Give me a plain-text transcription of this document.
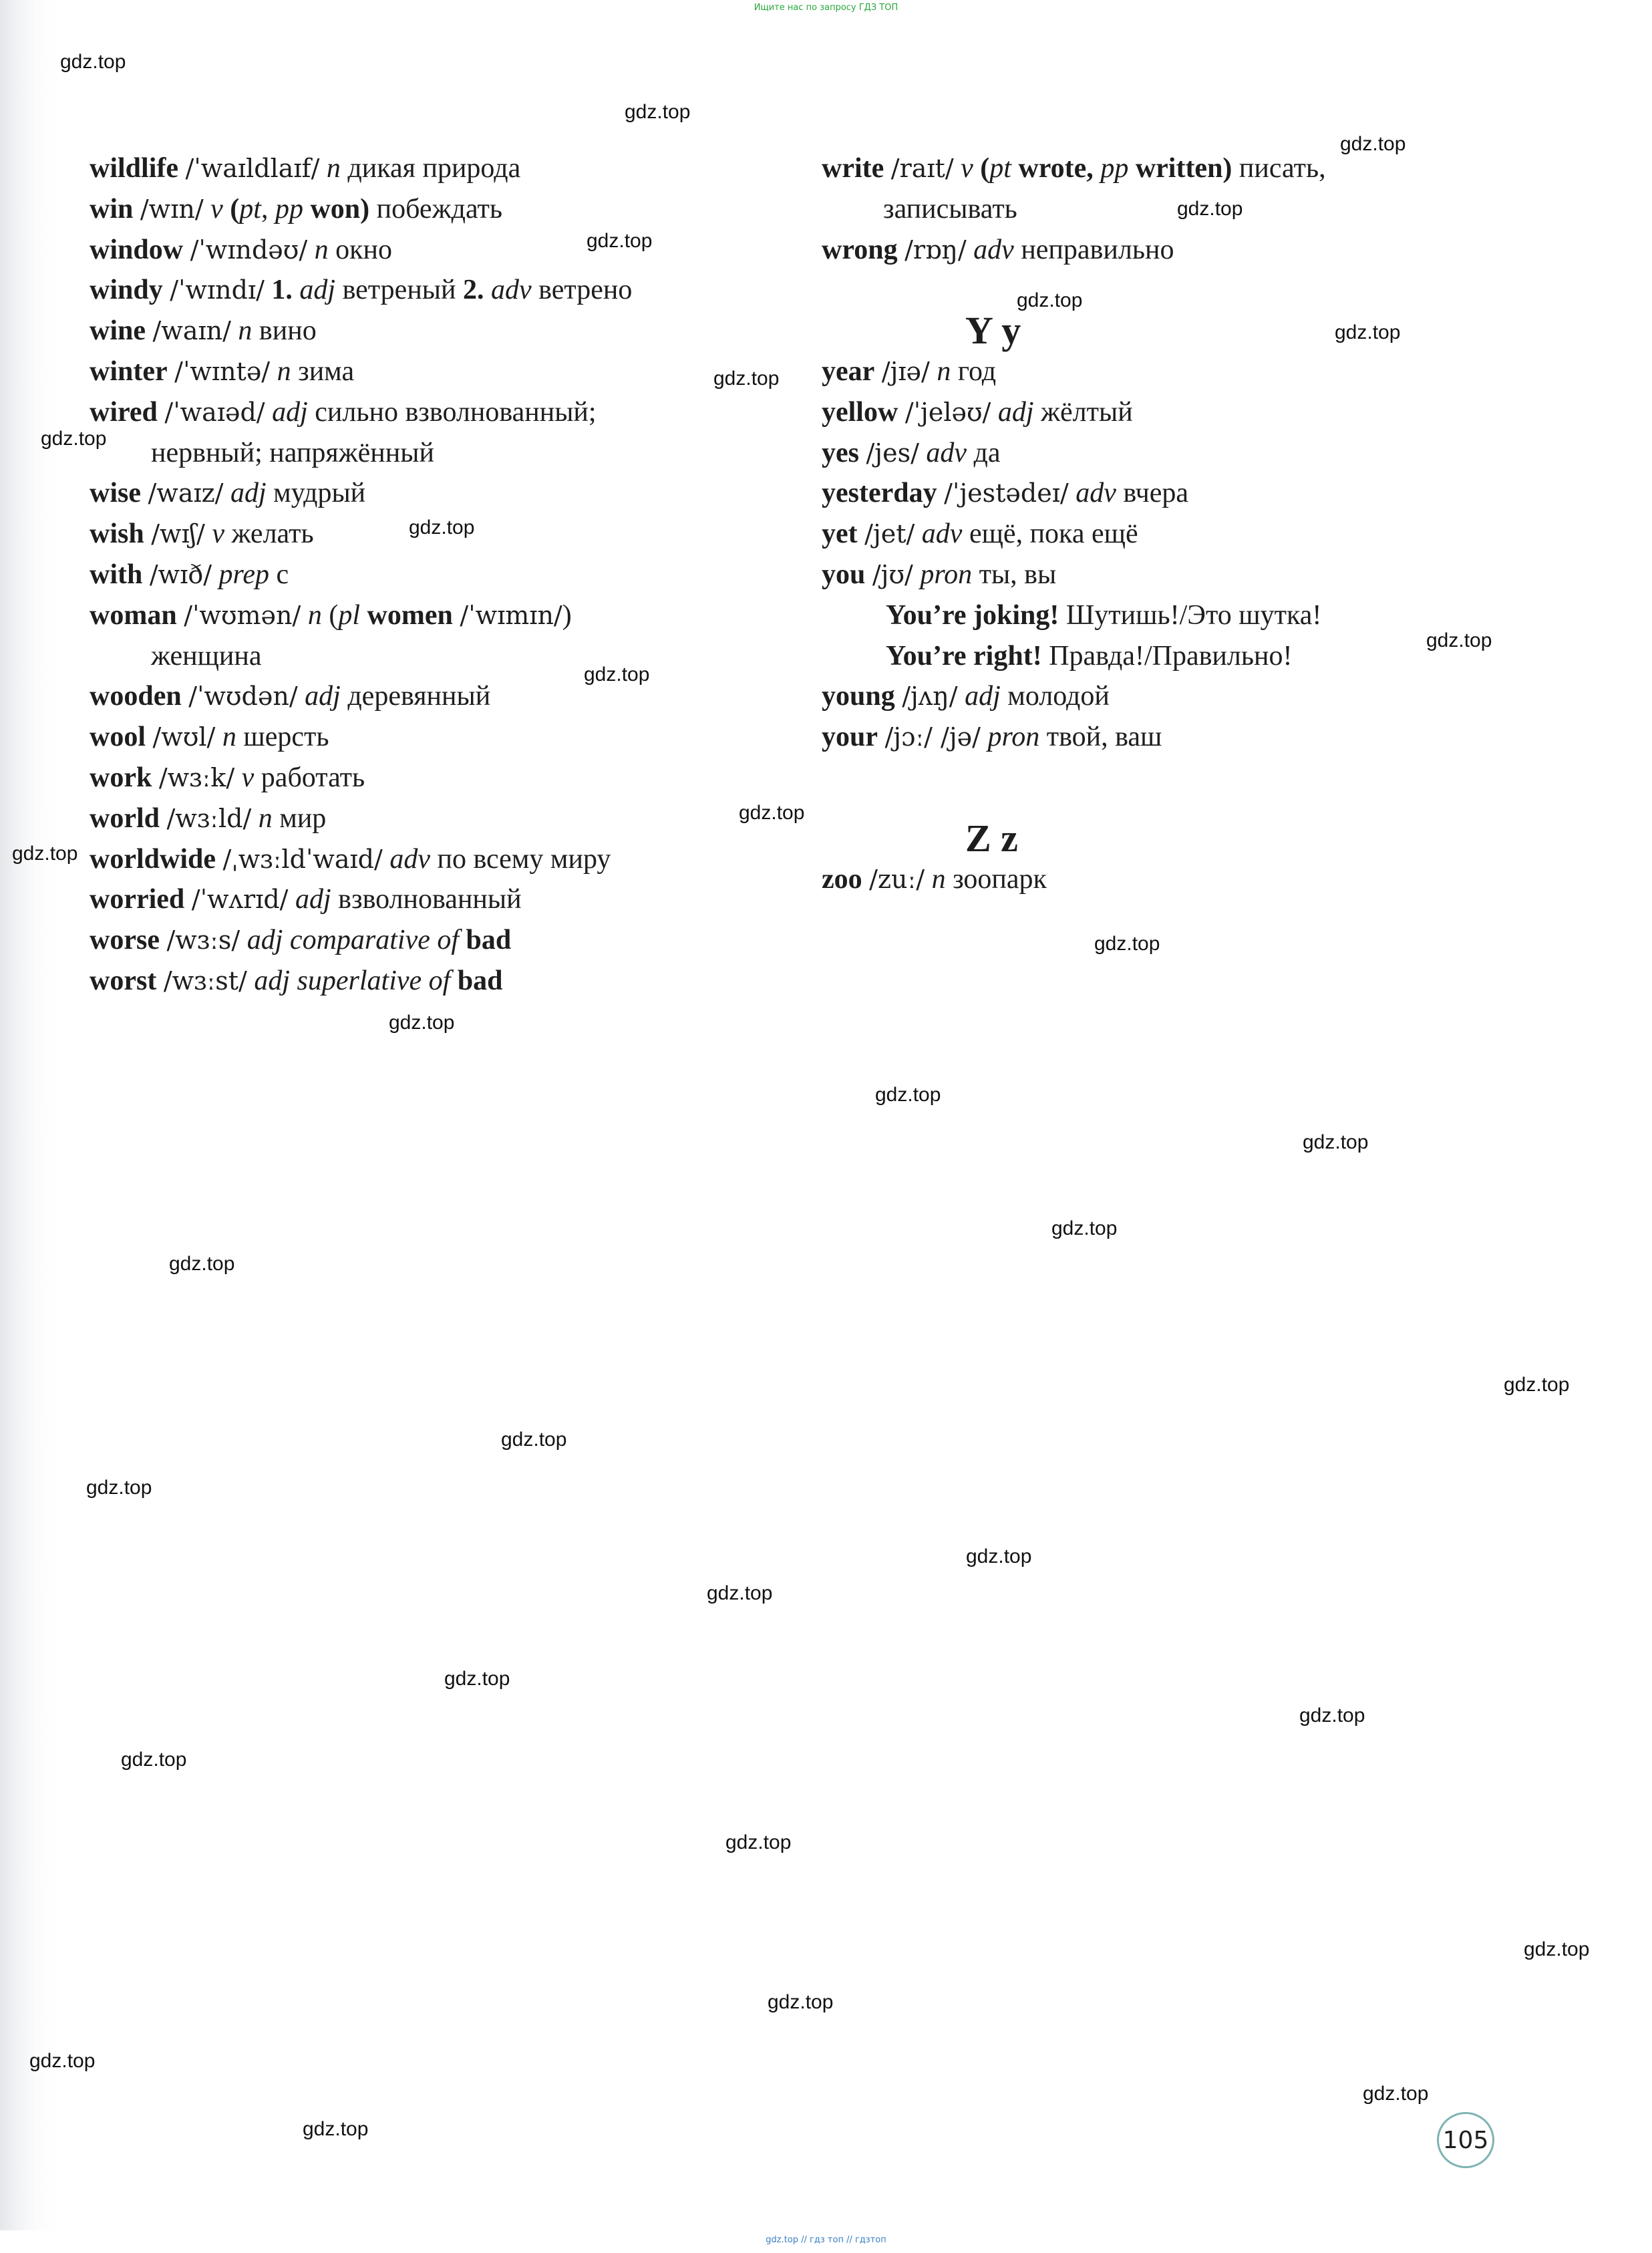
Ищите нас по запросу ГДЗ ТОП

wildlife /ˈwaɪldlaɪf/ n дикая природа

win /wɪn/ v (pt, pp won) побеждать

window /ˈwɪndəʊ/ n окно

windy /ˈwɪndɪ/ 1. adj ветреный 2. adv ветрено

wine /waɪn/ n вино

winter /ˈwɪntə/ n зима

wired /ˈwaɪəd/ adj сильно взволнованный;
нервный; напряжённый

wise /waɪz/ adj мудрый

wish /wɪʃ/ v желать

with /wɪð/ prep с

woman /ˈwʊmən/ n (pl women /ˈwɪmɪn/)
женщина

wooden /ˈwʊdən/ adj деревянный

wool /wʊl/ n шерсть

work /wɜːk/ v работать

world /wɜːld/ n мир

worldwide /ˌwɜːldˈwaɪd/ adv по всему миру

worried /ˈwʌrɪd/ adj взволнованный

worse /wɜːs/ adj comparative of bad

worst /wɜːst/ adj superlative of bad

write /raɪt/ v (pt wrote, pp written) писать,
записывать

wrong /rɒŋ/ adv неправильно

Y y

year /jɪə/ n год

yellow /ˈjeləʊ/ adj жёлтый

yes /jes/ adv да

yesterday /ˈjestədeɪ/ adv вчера

yet /jet/ adv ещё, пока ещё

you /jʊ/ pron ты, вы

You’re joking! Шутишь!/Это шутка!

You’re right! Правда!/Правильно!

young /jʌŋ/ adj молодой

your /jɔː/ /jə/ pron твой, ваш

Z z

zoo /zuː/ n зоопарк

gdz.top
gdz.top
gdz.top
gdz.top
gdz.top
gdz.top
gdz.top
gdz.top
gdz.top
gdz.top
gdz.top
gdz.top
gdz.top
gdz.top
gdz.top
gdz.top
gdz.top
gdz.top
gdz.top
gdz.top
gdz.top
gdz.top
gdz.top
gdz.top
gdz.top
gdz.top
gdz.top
gdz.top
gdz.top
gdz.top
gdz.top
gdz.top
gdz.top
gdz.top	105
gdz.top // гдз топ // гдзтоп
